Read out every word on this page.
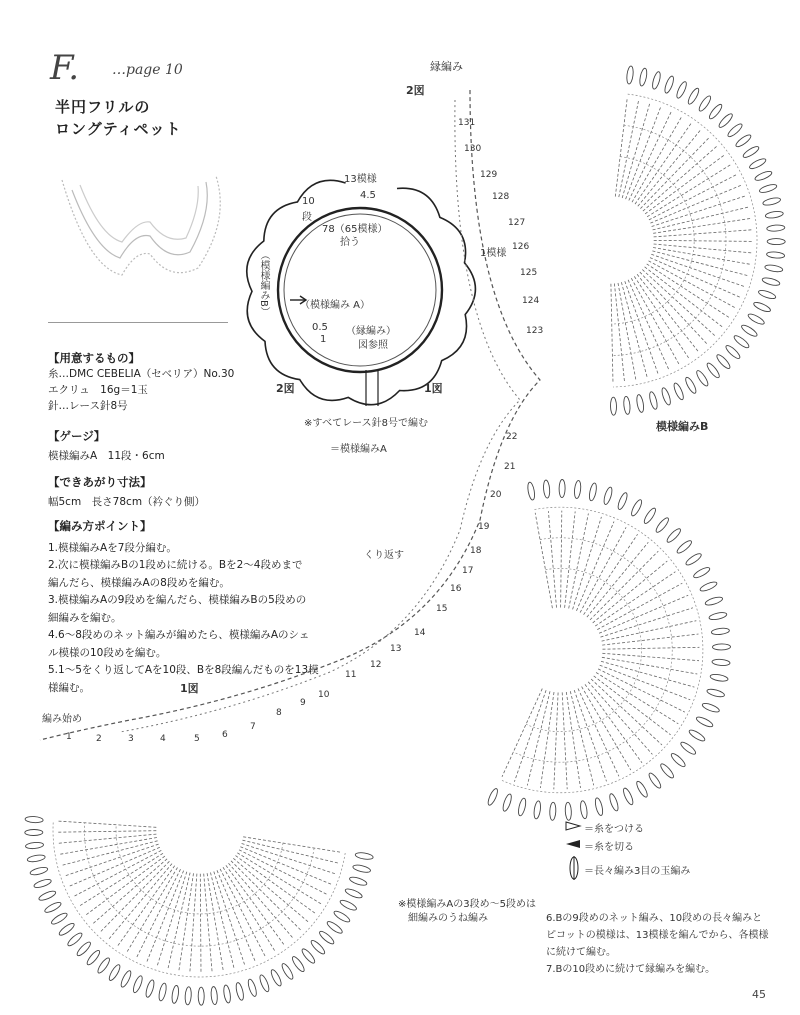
F. …page 10
半円フリルの
ロングティペット
【用意するもの】
糸…DMC CEBELIA（セベリア）No.30
エクリュ　16g＝1玉
針…レース針8号
【ゲージ】
模様編みA　11段・6cm
【できあがり寸法】
幅5cm　長さ78cm（衿ぐり側）
【編み方ポイント】
1.模様編みAを7段分編む。
2.次に模様編みBの1段めに続ける。Bを2～4段めまで
編んだら、模様編みAの8段めを編む。
3.模様編みAの9段めを編んだら、模様編みBの5段めの
細編みを編む。
4.6～8段めのネット編みが編めたら、模様編みAのシェ
ル模様の10段めを編む。
5.1～5をくり返してAを10段、Bを8段編んだものを13模
様編む。
13模様
4.5
10
段
78（65模様）
拾う
（模様編みB）	（模様編み A）
0.5
1
（縁編み）
図参照
2図	1図
※すべてレース針8号で編む
＝模様編みA
縁編み
2図
1模様
模様編みB
くり返す
1図
編み始め
1	2	3	4	5 6
7
8
9
10
11
12
13
14
15
16
17
18
19
20
21
22
131
130
129
128
127
126
125
124
123
＝糸をつける
＝糸を切る
＝長々編み3目の玉編み
※模様編みAの3段め～5段めは
細編みのうね編み	6.Bの9段めのネット編み、10段めの長々編みと
ピコットの模様は、13模様を編んでから、各模様
に続けて編む。
7.Bの10段めに続けて縁編みを編む。
45
